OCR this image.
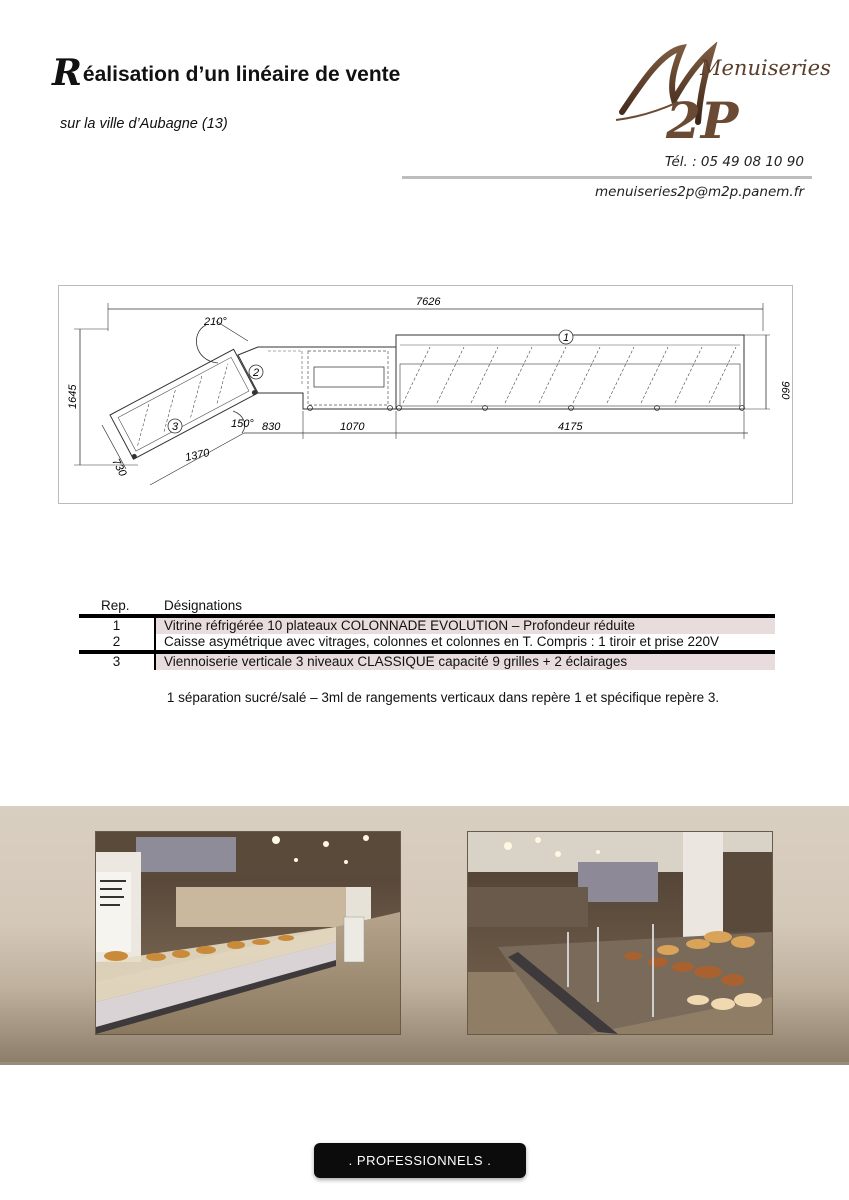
Réalisation d’un linéaire de vente
sur la ville d’Aubagne (13)	2P
Menuiseries
Tél. : 05 49 08 10 90
menuiseries2p@m2p.panem.fr
7626
1
2
210°
3	150°
1645	960
730
1370
830	1070	4175
Rep.	Désignations
1	Vitrine réfrigérée 10 plateaux COLONNADE EVOLUTION – Profondeur réduite
2	Caisse asymétrique avec vitrages, colonnes et colonnes en T. Compris : 1 tiroir et prise 220V
3	Viennoiserie verticale 3 niveaux CLASSIQUE capacité 9 grilles + 2 éclairages
1 séparation sucré/salé – 3ml de rangements verticaux dans repère 1 et spécifique repère 3.
. PROFESSIONNELS .
